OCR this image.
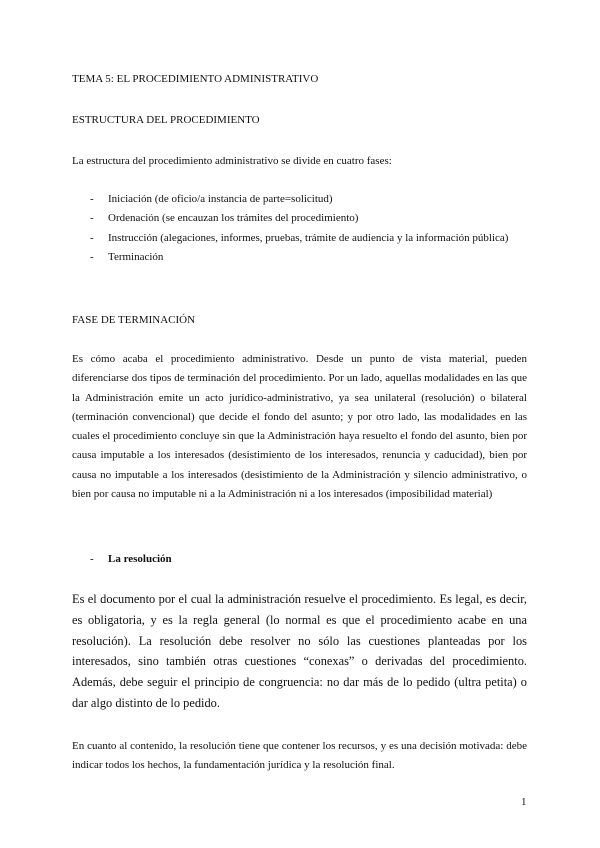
TEMA 5: EL PROCEDIMIENTO ADMINISTRATIVO
ESTRUCTURA DEL PROCEDIMIENTO
La estructura del procedimiento administrativo se divide en cuatro fases:
- Iniciación (de oficio/a instancia de parte=solicitud)
- Ordenación (se encauzan los trámites del procedimiento)
- Instrucción (alegaciones, informes, pruebas, trámite de audiencia y la información pública)
- Terminación
FASE DE TERMINACIÓN
Es cómo acaba el procedimiento administrativo. Desde un punto de vista material, pueden diferenciarse dos tipos de terminación del procedimiento. Por un lado, aquellas modalidades en las que la Administración emite un acto jurídico-administrativo, ya sea unilateral (resolución) o bilateral (terminación convencional) que decide el fondo del asunto; y por otro lado, las modalidades en las cuales el procedimiento concluye sin que la Administración haya resuelto el fondo del asunto, bien por causa imputable a los interesados (desistimiento de los interesados, renuncia y caducidad), bien por causa no imputable a los interesados (desistimiento de la Administración y silencio administrativo, o bien por causa no imputable ni a la Administración ni a los interesados (imposibilidad material)
- La resolución
Es el documento por el cual la administración resuelve el procedimiento. Es legal, es decir, es obligatoria, y es la regla general (lo normal es que el procedimiento acabe en una resolución). La resolución debe resolver no sólo las cuestiones planteadas por los interesados, sino también otras cuestiones “conexas” o derivadas del procedimiento. Además, debe seguir el principio de congruencia: no dar más de lo pedido (ultra petita) o dar algo distinto de lo pedido.
En cuanto al contenido, la resolución tiene que contener los recursos, y es una decisión motivada: debe indicar todos los hechos, la fundamentación jurídica y la resolución final.
1
